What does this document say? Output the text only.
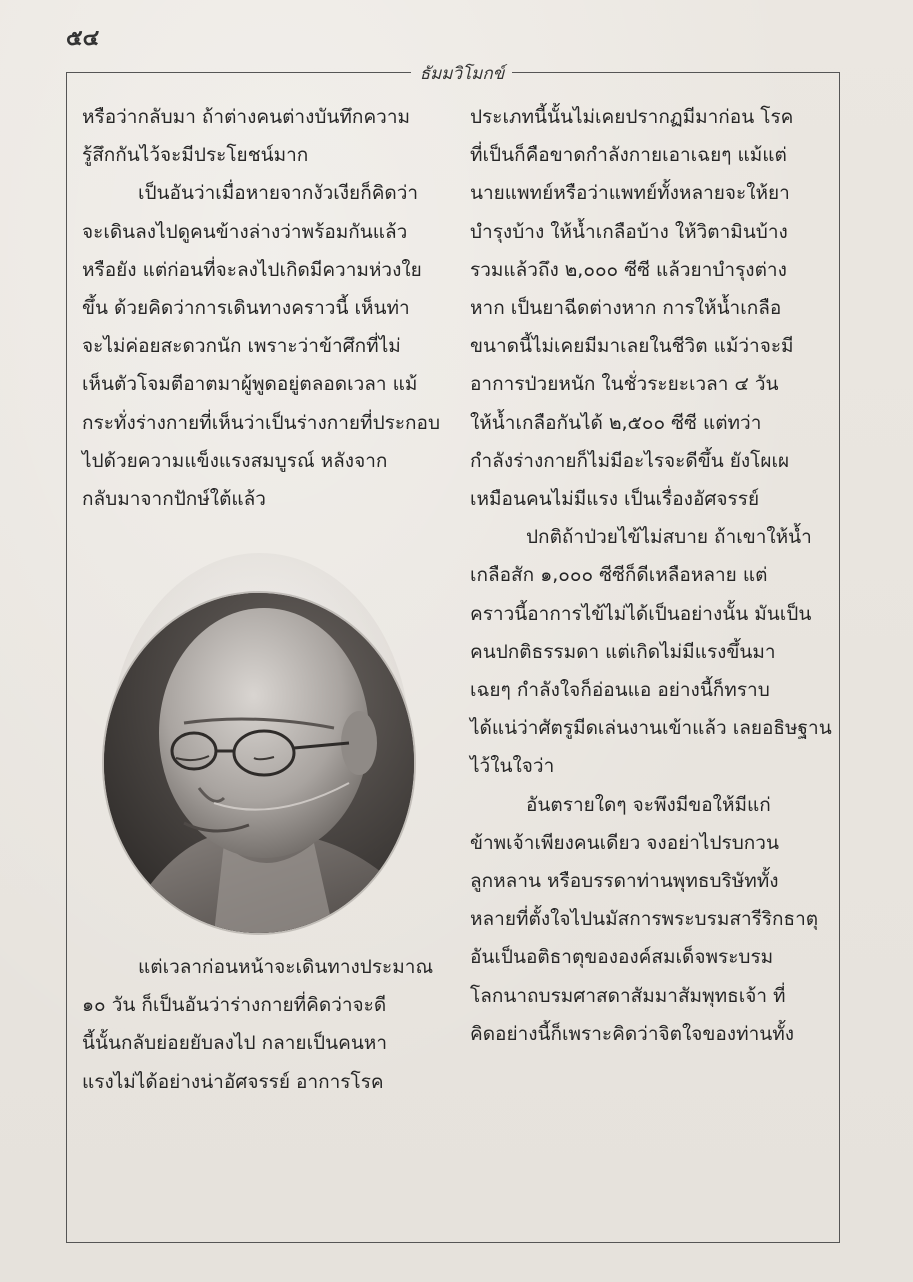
๕๔
ธัมมวิโมกข์
หรือว่ากลับมา ถ้าต่างคนต่างบันทึกความ
รู้สึกกันไว้จะมีประโยชน์มาก
เป็นอันว่าเมื่อหายจากงัวเงียก็คิดว่า
จะเดินลงไปดูคนข้างล่างว่าพร้อมกันแล้ว
หรือยัง แต่ก่อนที่จะลงไปเกิดมีความห่วงใย
ขึ้น ด้วยคิดว่าการเดินทางคราวนี้ เห็นท่า
จะไม่ค่อยสะดวกนัก เพราะว่าข้าศึกที่ไม่
เห็นตัวโจมตีอาตมาผู้พูดอยู่ตลอดเวลา แม้
กระทั่งร่างกายที่เห็นว่าเป็นร่างกายที่ประกอบ
ไปด้วยความแข็งแรงสมบูรณ์ หลังจาก
กลับมาจากปักษ์ใต้แล้ว
แต่เวลาก่อนหน้าจะเดินทางประมาณ
๑๐ วัน ก็เป็นอันว่าร่างกายที่คิดว่าจะดี
นี้นั้นกลับย่อยยับลงไป กลายเป็นคนหา
แรงไม่ได้อย่างน่าอัศจรรย์ อาการโรค
ประเภทนี้นั้นไม่เคยปรากฏมีมาก่อน โรค
ที่เป็นก็คือขาดกำลังกายเอาเฉยๆ แม้แต่
นายแพทย์หรือว่าแพทย์ทั้งหลายจะให้ยา
บำรุงบ้าง ให้น้ำเกลือบ้าง ให้วิตามินบ้าง
รวมแล้วถึง ๒,๐๐๐ ซีซี แล้วยาบำรุงต่าง
หาก เป็นยาฉีดต่างหาก การให้น้ำเกลือ
ขนาดนี้ไม่เคยมีมาเลยในชีวิต แม้ว่าจะมี
อาการป่วยหนัก ในชั่วระยะเวลา ๔ วัน
ให้น้ำเกลือกันได้ ๒,๕๐๐ ซีซี แต่ทว่า
กำลังร่างกายก็ไม่มีอะไรจะดีขึ้น ยังโผเผ
เหมือนคนไม่มีแรง เป็นเรื่องอัศจรรย์
ปกติถ้าป่วยไข้ไม่สบาย ถ้าเขาให้น้ำ
เกลือสัก ๑,๐๐๐ ซีซีก็ดีเหลือหลาย แต่
คราวนี้อาการไข้ไม่ได้เป็นอย่างนั้น มันเป็น
คนปกติธรรมดา แต่เกิดไม่มีแรงขึ้นมา
เฉยๆ กำลังใจก็อ่อนแอ อย่างนี้ก็ทราบ
ได้แน่ว่าศัตรูมีดเล่นงานเข้าแล้ว เลยอธิษฐาน
ไว้ในใจว่า
อันตรายใดๆ จะพึงมีขอให้มีแก่
ข้าพเจ้าเพียงคนเดียว จงอย่าไปรบกวน
ลูกหลาน หรือบรรดาท่านพุทธบริษัททั้ง
หลายที่ตั้งใจไปนมัสการพระบรมสารีริกธาตุ
อันเป็นอติธาตุขององค์สมเด็จพระบรม
โลกนาถบรมศาสดาสัมมาสัมพุทธเจ้า ที่
คิดอย่างนี้ก็เพราะคิดว่าจิตใจของท่านทั้ง
